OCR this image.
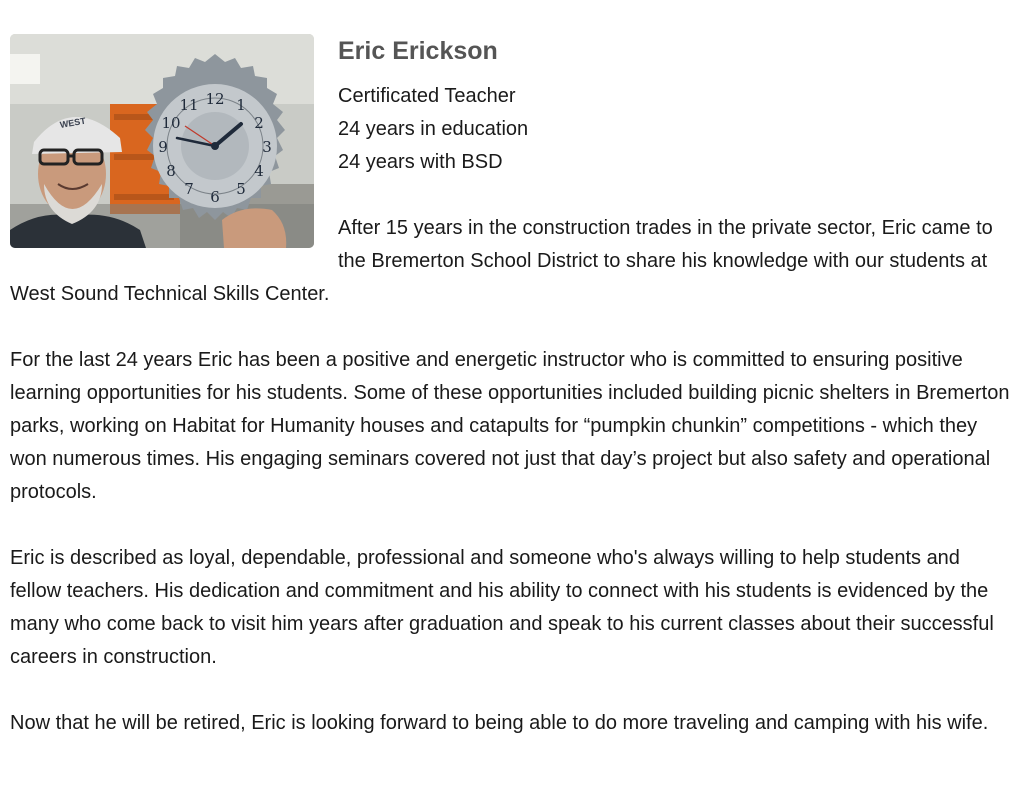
WEST
12 1
2
3
4
5
6
7
8
9
10
11
Eric Erickson

Certificated Teacher

24 years in education

24 years with BSD

After 15 years in the construction trades in the private sector, Eric came to the Bremerton School District to share his knowledge with our students at West Sound Technical Skills Center.

For the last 24 years Eric has been a positive and energetic instructor who is committed to ensuring positive learning opportunities for his students. Some of these opportunities included building picnic shelters in Bremerton parks, working on Habitat for Humanity houses and catapults for “pumpkin chunkin” competitions - which they won numerous times. His engaging seminars covered not just that day’s project but also safety and operational protocols.

Eric is described as loyal, dependable, professional and someone who's always willing to help students and fellow teachers. His dedication and commitment and his ability to connect with his students is evidenced by the many who come back to visit him years after graduation and speak to his current classes about their successful careers in construction.

Now that he will be retired, Eric is looking forward to being able to do more traveling and camping with his wife.
